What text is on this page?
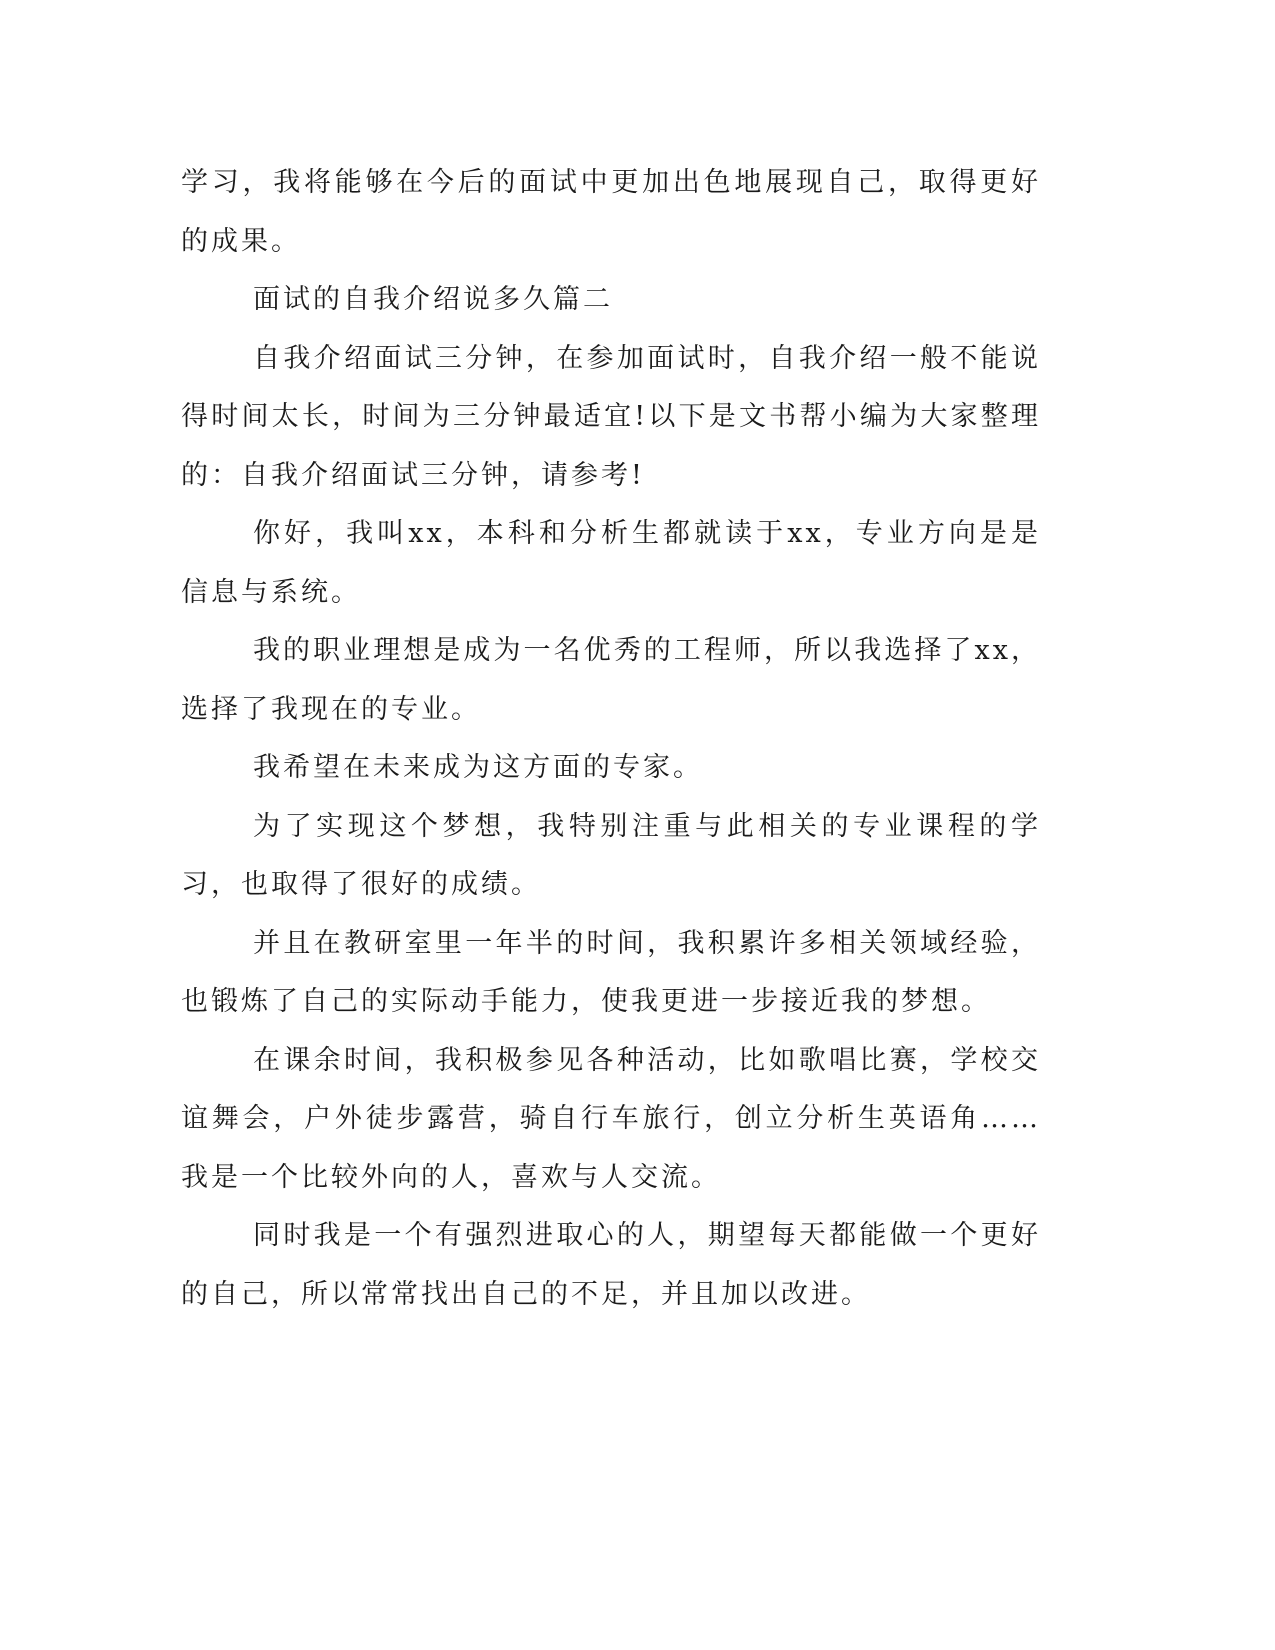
学习，我将能够在今后的面试中更加出色地展现自己，取得更好的成果。

面试的自我介绍说多久篇二

自我介绍面试三分钟，在参加面试时，自我介绍一般不能说得时间太长，时间为三分钟最适宜!以下是文书帮小编为大家整理的：自我介绍面试三分钟，请参考!

你好，我叫xx，本科和分析生都就读于xx，专业方向是是信息与系统。

我的职业理想是成为一名优秀的工程师，所以我选择了xx，选择了我现在的专业。

我希望在未来成为这方面的专家。

为了实现这个梦想，我特别注重与此相关的专业课程的学习，也取得了很好的成绩。

并且在教研室里一年半的时间，我积累许多相关领域经验，也锻炼了自己的实际动手能力，使我更进一步接近我的梦想。

在课余时间，我积极参见各种活动，比如歌唱比赛，学校交谊舞会，户外徒步露营，骑自行车旅行，创立分析生英语角……我是一个比较外向的人，喜欢与人交流。

同时我是一个有强烈进取心的人，期望每天都能做一个更好的自己，所以常常找出自己的不足，并且加以改进。
